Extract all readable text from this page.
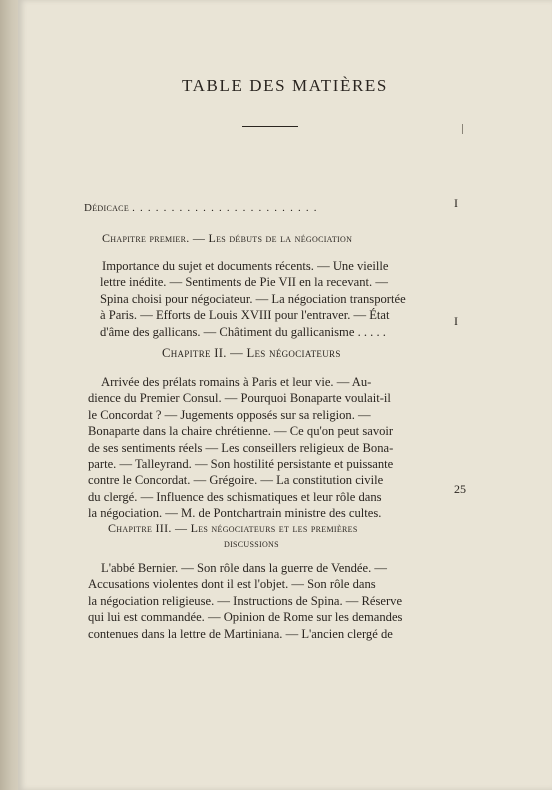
TABLE DES MATIÈRES
Dédicace . . . . . . . . . . . . . . . . . . . . . . . .	I
Chapitre premier. — Les débuts de la négociation
Importance du sujet et documents récents. — Une vieille
lettre inédite. — Sentiments de Pie VII en la recevant. —
Spina choisi pour négociateur. — La négociation transportée
à Paris. — Efforts de Louis XVIII pour l'entraver. — État
d'âme des gallicans. — Châtiment du gallicanisme . . . . .
I
Chapitre II. — Les négociateurs
Arrivée des prélats romains à Paris et leur vie. — Au-
dience du Premier Consul. — Pourquoi Bonaparte voulait-il
le Concordat ? — Jugements opposés sur sa religion. —
Bonaparte dans la chaire chrétienne. — Ce qu'on peut savoir
de ses sentiments réels — Les conseillers religieux de Bona-
parte. — Talleyrand. — Son hostilité persistante et puissante
contre le Concordat. — Grégoire. — La constitution civile
du clergé. — Influence des schismatiques et leur rôle dans
la négociation. — M. de Pontchartrain ministre des cultes.
25
Chapitre III. — Les négociateurs et les premières
discussions
L'abbé Bernier. — Son rôle dans la guerre de Vendée. —
Accusations violentes dont il est l'objet. — Son rôle dans
la négociation religieuse. — Instructions de Spina. — Réserve
qui lui est commandée. — Opinion de Rome sur les demandes
contenues dans la lettre de Martiniana. — L'ancien clergé de
